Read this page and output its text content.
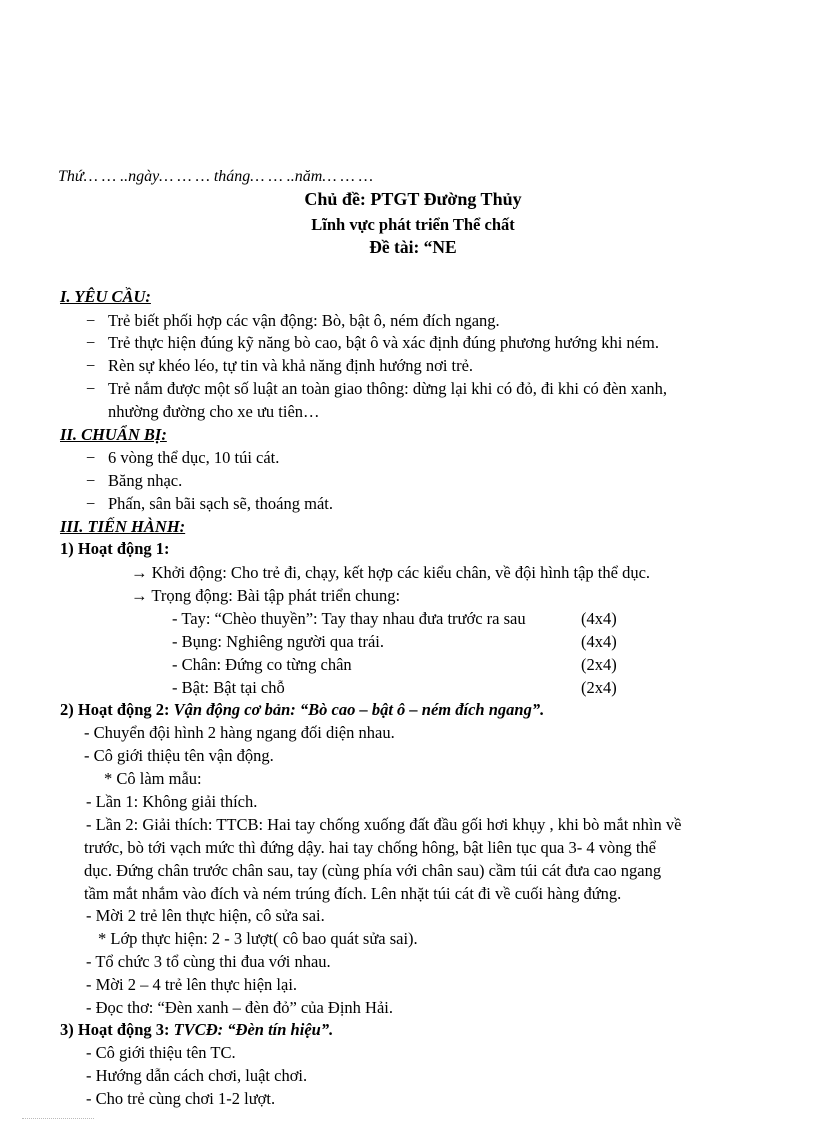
Thứ… … ..ngày… … … tháng… … ..năm… … …
Chủ đề: PTGT Đường Thủy
Lĩnh vực phát triển Thể chất
Đề tài: “NE
I. YÊU CẦU:
− Trẻ biết phối hợp các vận động: Bò, bật ô, ném đích ngang.
− Trẻ thực hiện đúng kỹ năng bò cao, bật ô và xác định đúng phương hướng khi ném.
− Rèn sự khéo léo, tự tin và khả năng định hướng nơi trẻ.
− Trẻ nắm được một số luật an toàn giao thông: dừng lại khi có đỏ, đi khi có đèn xanh,
nhường đường cho xe ưu tiên…
II. CHUẨN BỊ:
− 6 vòng thể dục, 10 túi cát.
− Băng nhạc.
− Phấn, sân bãi sạch sẽ, thoáng mát.
III. TIẾN HÀNH:
1) Hoạt động 1:
→ Khởi động: Cho trẻ đi, chạy, kết hợp các kiểu chân, về đội hình tập thể dục.
→ Trọng động: Bài tập phát triển chung:
- Tay: “Chèo thuyền”: Tay thay nhau đưa trước ra sau	(4x4)
- Bụng: Nghiêng người qua trái.	(4x4)
- Chân: Đứng co từng chân	(2x4)
- Bật: Bật tại chỗ	(2x4)
2) Hoạt động 2: Vận động cơ bản: “Bò cao – bật ô – ném đích ngang”.
- Chuyển đội hình 2 hàng ngang đối diện nhau.
- Cô giới thiệu tên vận động.
* Cô làm mẫu:
- Lần 1: Không giải thích.
- Lần 2: Giải thích: TTCB: Hai tay chống xuống đất đầu gối hơi khụy , khi bò mắt nhìn về
trước, bò tới vạch mức thì đứng dậy. hai tay chống hông, bật liên tục qua 3- 4 vòng thể
dục. Đứng chân trước chân sau, tay (cùng phía với chân sau) cầm túi cát đưa cao ngang
tầm mắt nhắm vào đích và ném trúng đích. Lên nhặt túi cát đi về cuối hàng đứng.
- Mời 2 trẻ lên thực hiện, cô sửa sai.
* Lớp thực hiện: 2 - 3 lượt( cô bao quát sửa sai).
- Tổ chức 3 tổ cùng thi đua với nhau.
- Mời 2 – 4 trẻ lên thực hiện lại.
- Đọc thơ: “Đèn xanh – đèn đỏ” của Định Hải.
3) Hoạt động 3: TVCĐ: “Đèn tín hiệu”.
- Cô giới thiệu tên TC.
- Hướng dẫn cách chơi, luật chơi.
- Cho trẻ cùng chơi 1-2 lượt.
